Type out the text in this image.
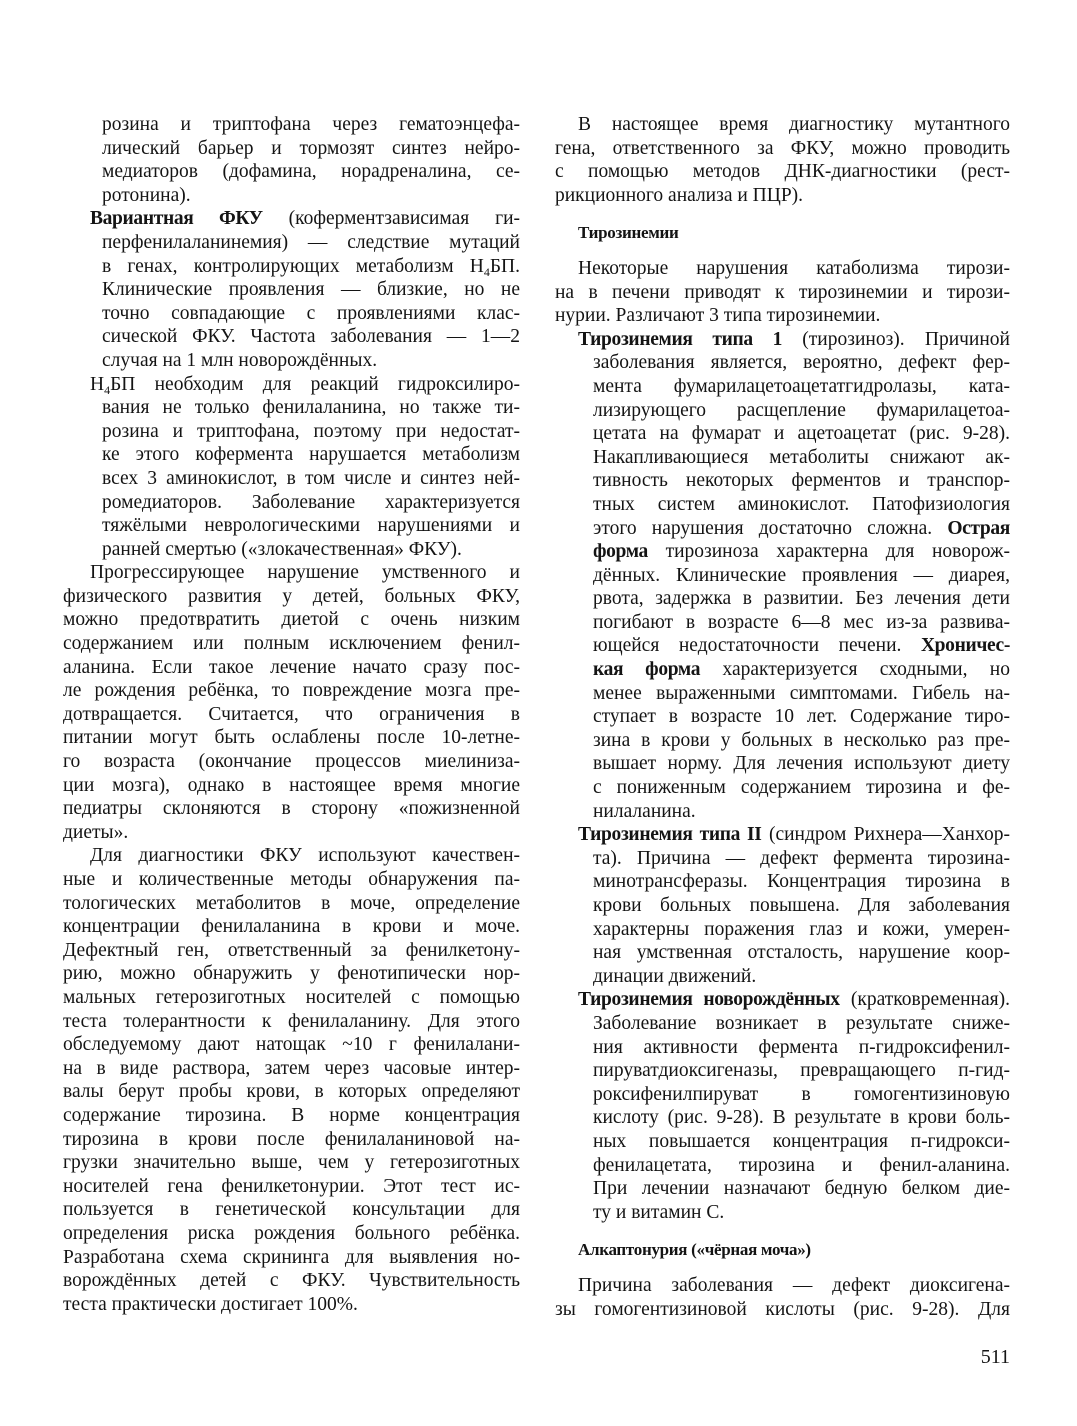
розина и триптофана через гематоэнцефа-
лический барьер и тормозят синтез нейро-
медиаторов (дофамина, норадреналина, се-
ротонина).
Вариантная ФКУ (коферментзависимая ги-
перфенилаланинемия) — следствие мутаций
в генах, контролирующих метаболизм $Н_4БП$.
Клинические проявления — близкие, но не
точно совпадающие с проявлениями клас-
сической ФКУ. Частота заболевания — 1—2
случая на 1 млн новорождённых.
$Н_4БП$ необходим для реакций гидроксилиро-
вания не только фенилаланина, но также ти-
розина и триптофана, поэтому при недостат-
ке этого кофермента нарушается метаболизм
всех 3 аминокислот, в том числе и синтез ней-
ромедиаторов. Заболевание характеризуется
тяжёлыми неврологическими нарушениями и
ранней смертью («злокачественная» ФКУ).
Прогрессирующее нарушение умственного и
физического развития у детей, больных ФКУ,
можно предотвратить диетой с очень низким
содержанием или полным исключением фенил-
аланина. Если такое лечение начато сразу пос-
ле рождения ребёнка, то повреждение мозга пре-
дотвращается. Считается, что ограничения в
питании могут быть ослаблены после 10-летне-
го возраста (окончание процессов миелиниза-
ции мозга), однако в настоящее время многие
педиатры склоняются в сторону «пожизненной
диеты».
Для диагностики ФКУ используют качествен-
ные и количественные методы обнаружения па-
тологических метаболитов в моче, определение
концентрации фенилаланина в крови и моче.
Дефектный ген, ответственный за фенилкетону-
рию, можно обнаружить у фенотипически нор-
мальных гетерозиготных носителей с помощью
теста толерантности к фенилаланину. Для этого
обследуемому дают натощак ~10 г фенилалани-
на в виде раствора, затем через часовые интер-
валы берут пробы крови, в которых определяют
содержание тирозина. В норме концентрация
тирозина в крови после фенилаланиновой на-
грузки значительно выше, чем у гетерозиготных
носителей гена фенилкетонурии. Этот тест ис-
пользуется в генетической консультации для
определения риска рождения больного ребёнка.
Разработана схема скрининга для выявления но-
ворождённых детей с ФКУ. Чувствительность
теста практически достигает 100%.
В настоящее время диагностику мутантного
гена, ответственного за ФКУ, можно проводить
с помощью методов ДНК-диагностики (рест-
рикционного анализа и ПЦР).
Тирозинемии
Некоторые нарушения катаболизма тирози-
на в печени приводят к тирозинемии и тирози-
нурии. Различают 3 типа тирозинемии.
Тирозинемия типа 1 (тирозиноз). Причиной
заболевания является, вероятно, дефект фер-
мента фумарилацетоацетатгидролазы, ката-
лизирующего расщепление фумарилацетоа-
цетата на фумарат и ацетоацетат (рис. 9-28).
Накапливающиеся метаболиты снижают ак-
тивность некоторых ферментов и транспор-
тных систем аминокислот. Патофизиология
этого нарушения достаточно сложна. Острая
форма тирозиноза характерна для новорож-
дённых. Клинические проявления — диарея,
рвота, задержка в развитии. Без лечения дети
погибают в возрасте 6—8 мес из-за развива-
ющейся недостаточности печени. Хроничес-
кая форма характеризуется сходными, но
менее выраженными симптомами. Гибель на-
ступает в возрасте 10 лет. Содержание тиро-
зина в крови у больных в несколько раз пре-
вышает норму. Для лечения используют диету
с пониженным содержанием тирозина и фе-
нилаланина.
Тирозинемия типа II (синдром Рихнера—Ханхор-
та). Причина — дефект фермента тирозина-
минотрансферазы. Концентрация тирозина в
крови больных повышена. Для заболевания
характерны поражения глаз и кожи, умерен-
ная умственная отсталость, нарушение коор-
динации движений.
Тирозинемия новорождённых (кратковременная).
Заболевание возникает в результате сниже-
ния активности фермента п-гидроксифенил-
пируватдиоксигеназы, превращающего п-гид-
роксифенилпируват в гомогентизиновую
кислоту (рис. 9-28). В результате в крови боль-
ных повышается концентрация п-гидрокси-
фенилацетата, тирозина и фенил-аланина.
При лечении назначают бедную белком дие-
ту и витамин С.
Алкаптонурия («чёрная моча»)
Причина заболевания — дефект диоксигена-
зы гомогентизиновой кислоты (рис. 9-28). Для
511
